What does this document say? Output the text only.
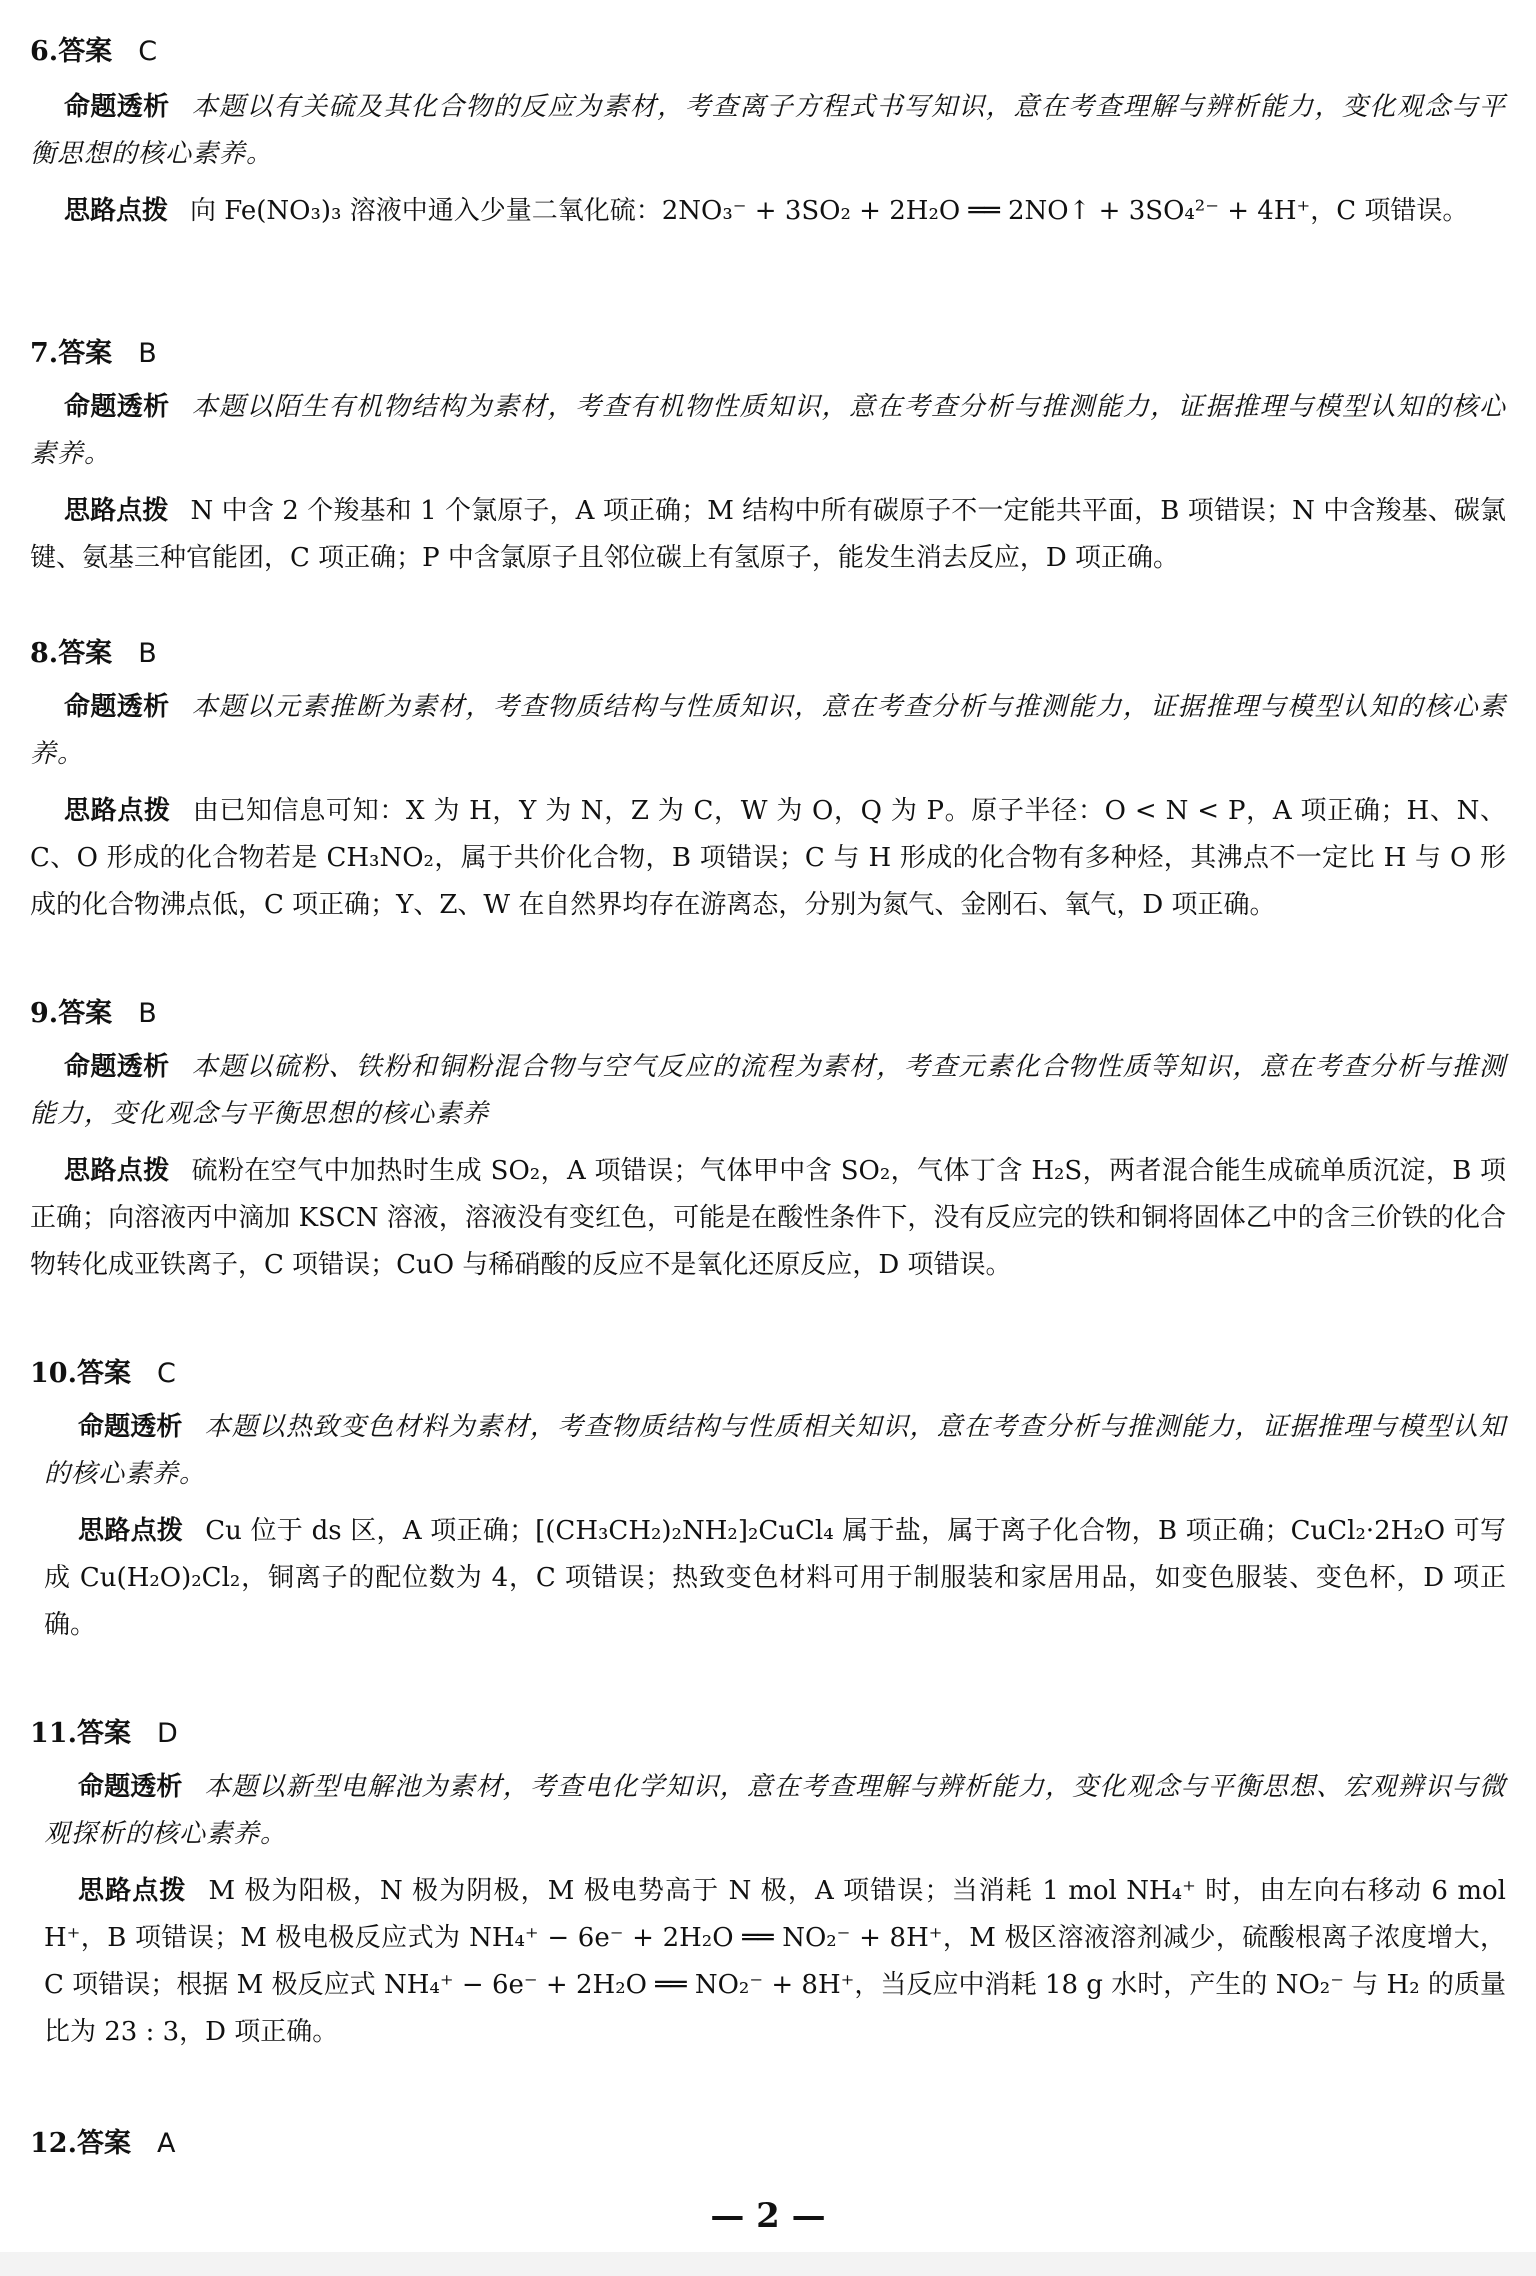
6.答案 C
命题透析 本题以有关硫及其化合物的反应为素材，考查离子方程式书写知识，意在考查理解与辨析能力，变化观念与平衡思想的核心素养。
思路点拨 向 Fe(NO₃)₃ 溶液中通入少量二氧化硫：2NO₃⁻ + 3SO₂ + 2H₂O ══ 2NO↑ + 3SO₄²⁻ + 4H⁺，C 项错误。
7.答案 B
命题透析 本题以陌生有机物结构为素材，考查有机物性质知识，意在考查分析与推测能力，证据推理与模型认知的核心素养。
思路点拨 N 中含 2 个羧基和 1 个氯原子，A 项正确；M 结构中所有碳原子不一定能共平面，B 项错误；N 中含羧基、碳氯键、氨基三种官能团，C 项正确；P 中含氯原子且邻位碳上有氢原子，能发生消去反应，D 项正确。
8.答案 B
命题透析 本题以元素推断为素材，考查物质结构与性质知识，意在考查分析与推测能力，证据推理与模型认知的核心素养。
思路点拨 由已知信息可知：X 为 H，Y 为 N，Z 为 C，W 为 O，Q 为 P。原子半径：O < N < P，A 项正确；H、N、C、O 形成的化合物若是 CH₃NO₂，属于共价化合物，B 项错误；C 与 H 形成的化合物有多种烃，其沸点不一定比 H 与 O 形成的化合物沸点低，C 项正确；Y、Z、W 在自然界均存在游离态，分别为氮气、金刚石、氧气，D 项正确。
9.答案 B
命题透析 本题以硫粉、铁粉和铜粉混合物与空气反应的流程为素材，考查元素化合物性质等知识，意在考查分析与推测能力，变化观念与平衡思想的核心素养
思路点拨 硫粉在空气中加热时生成 SO₂，A 项错误；气体甲中含 SO₂，气体丁含 H₂S，两者混合能生成硫单质沉淀，B 项正确；向溶液丙中滴加 KSCN 溶液，溶液没有变红色，可能是在酸性条件下，没有反应完的铁和铜将固体乙中的含三价铁的化合物转化成亚铁离子，C 项错误；CuO 与稀硝酸的反应不是氧化还原反应，D 项错误。
10.答案 C
命题透析 本题以热致变色材料为素材，考查物质结构与性质相关知识，意在考查分析与推测能力，证据推理与模型认知的核心素养。
思路点拨 Cu 位于 ds 区，A 项正确；[(CH₃CH₂)₂NH₂]₂CuCl₄ 属于盐，属于离子化合物，B 项正确；CuCl₂·2H₂O 可写成 Cu(H₂O)₂Cl₂，铜离子的配位数为 4，C 项错误；热致变色材料可用于制服装和家居用品，如变色服装、变色杯，D 项正确。
11.答案 D
命题透析 本题以新型电解池为素材，考查电化学知识，意在考查理解与辨析能力，变化观念与平衡思想、宏观辨识与微观探析的核心素养。
思路点拨 M 极为阳极，N 极为阴极，M 极电势高于 N 极，A 项错误；当消耗 1 mol NH₄⁺ 时，由左向右移动 6 mol H⁺，B 项错误；M 极电极反应式为 NH₄⁺ − 6e⁻ + 2H₂O ══ NO₂⁻ + 8H⁺，M 极区溶液溶剂减少，硫酸根离子浓度增大，C 项错误；根据 M 极反应式 NH₄⁺ − 6e⁻ + 2H₂O ══ NO₂⁻ + 8H⁺，当反应中消耗 18 g 水时，产生的 NO₂⁻ 与 H₂ 的质量比为 23 : 3，D 项正确。
12.答案 A
— 2 —
